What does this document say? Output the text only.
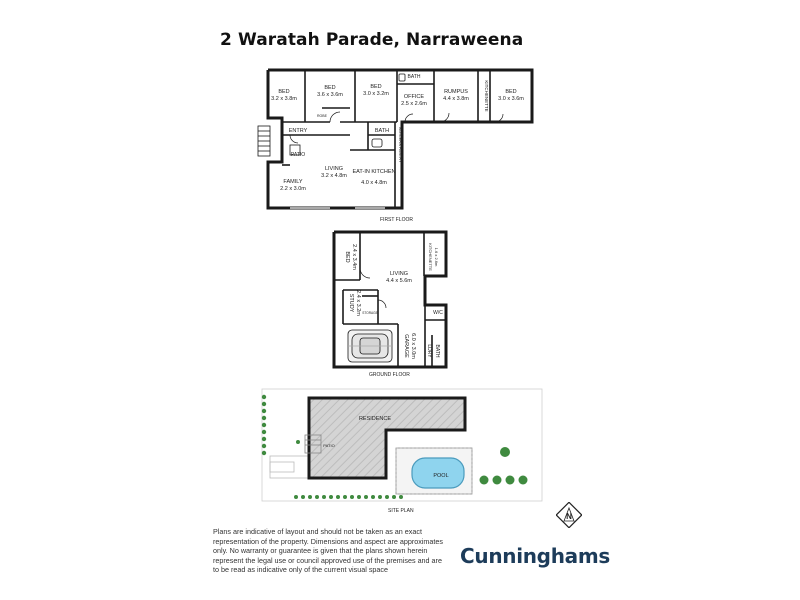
2 Waratah Parade, Narraweena
BED
3.2 x 3.8m
BED
3.6 x 3.6m
BED
3.0 x 3.2m
BATH
OFFICE
2.5 x 2.6m
RUMPUS
4.4 x 3.8m
BED
3.0 x 3.6m
KITCHENETTE
ROBE
BATH
ENTRY
PATIO
LIVING
3.2 x 4.8m
EAT-IN KITCHEN
4.0 x 4.8m
BUTLERS PANTRY
FAMILY
2.2 x 3.0m
BED 2.4 x 3.4m
LIVING
4.4 x 5.6m
KITCHENETTE 1.6 x 2.6m
STUDY 2.4 x 3.2m STORAGE	W/C
GARAGE 6.0 x 3.0m LDRY BATH
RESIDENCE
PATIO
POOL
FIRST FLOOR
GROUND FLOOR
SITE PLAN
Plans are indicative of layout and should not be taken as an exact representation of the property. Dimensions and aspect are approximates only. No warranty or guarantee is given that the plans shown herein represent the legal use or council approved use of the premises and are to be read as indicative only of the current visual space
Cunninghams
N
